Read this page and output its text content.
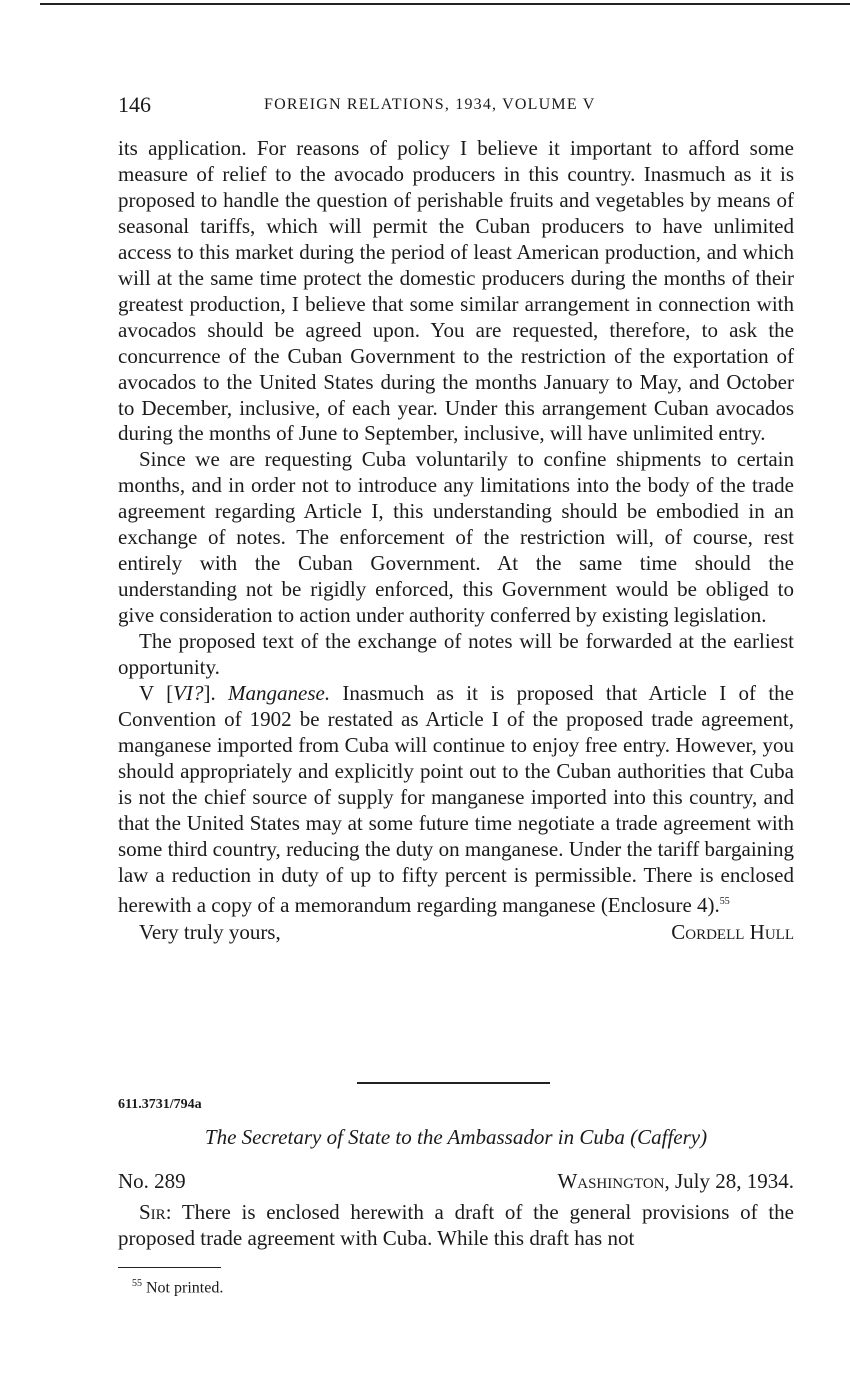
146	FOREIGN RELATIONS, 1934, VOLUME V

its application. For reasons of policy I believe it important to afford some measure of relief to the avocado producers in this country. Inasmuch as it is proposed to handle the question of perishable fruits and vegetables by means of seasonal tariffs, which will permit the Cuban producers to have unlimited access to this market during the period of least American production, and which will at the same time protect the domestic producers during the months of their greatest production, I believe that some similar arrangement in connection with avocados should be agreed upon. You are requested, therefore, to ask the concurrence of the Cuban Government to the restriction of the exportation of avocados to the United States during the months January to May, and October to December, inclusive, of each year. Under this arrangement Cuban avocados during the months of June to September, inclusive, will have unlimited entry.

Since we are requesting Cuba voluntarily to confine shipments to certain months, and in order not to introduce any limitations into the body of the trade agreement regarding Article I, this understanding should be embodied in an exchange of notes. The enforcement of the restriction will, of course, rest entirely with the Cuban Government. At the same time should the understanding not be rigidly enforced, this Government would be obliged to give consideration to action under authority conferred by existing legislation.

The proposed text of the exchange of notes will be forwarded at the earliest opportunity.

V [VI?]. Manganese. Inasmuch as it is proposed that Article I of the Convention of 1902 be restated as Article I of the proposed trade agreement, manganese imported from Cuba will continue to enjoy free entry. However, you should appropriately and explicitly point out to the Cuban authorities that Cuba is not the chief source of supply for manganese imported into this country, and that the United States may at some future time negotiate a trade agreement with some third country, reducing the duty on manganese. Under the tariff bargaining law a reduction in duty of up to fifty percent is permissible. There is enclosed herewith a copy of a memorandum regarding manganese (Enclosure 4).$^{55}$

Very truly yours,	Cordell Hull
611.3731/794a
The Secretary of State to the Ambassador in Cuba (Caffery)
No. 289	Washington, July 28, 1934.

Sir: There is enclosed herewith a draft of the general provisions of the proposed trade agreement with Cuba. While this draft has not

$^{55}$ Not printed.
